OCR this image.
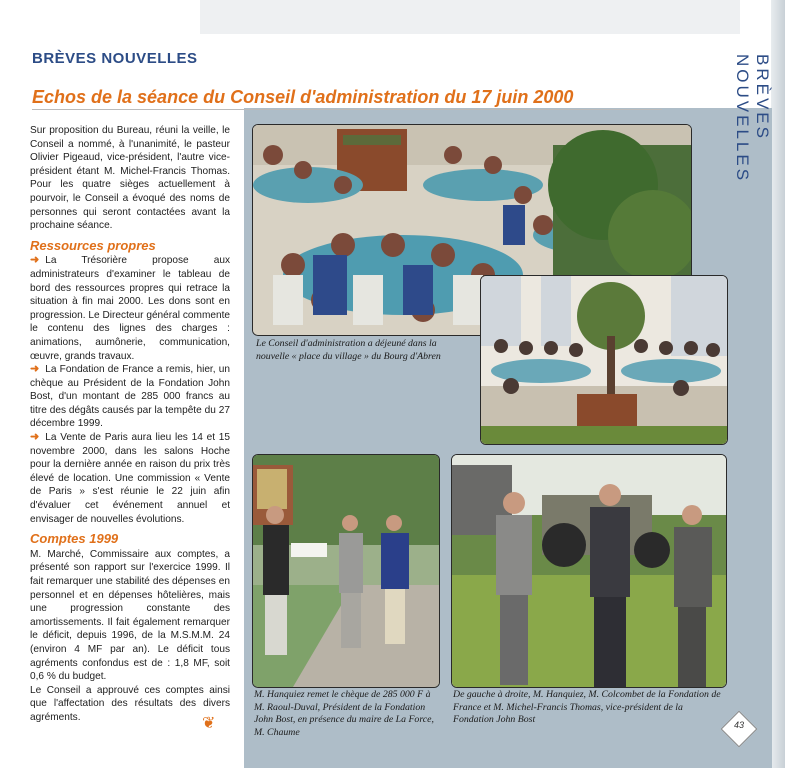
BRÈVES NOUVELLES
Echos de la séance du Conseil d'administration du 17 juin 2000	BRÈVES NOUVELLES

Sur proposition du Bureau, réuni la veille, le Conseil a nommé, à l'unanimité, le pasteur Olivier Pigeaud, vice-président, l'autre vice-président étant M. Michel-Francis Thomas. Pour les quatre sièges actuellement à pourvoir, le Conseil a évoqué des noms de personnes qui seront contactées avant la prochaine séance.

Ressources propres

➜ La Trésorière propose aux administrateurs d'examiner le tableau de bord des ressources propres qui retrace la situation à fin mai 2000. Les dons sont en progression. Le Directeur général commente le contenu des lignes des charges : animations, aumônerie, communication, œuvre, grands travaux.

➜ La Fondation de France a remis, hier, un chèque au Président de la Fondation John Bost, d'un montant de 285 000 francs au titre des dégâts causés par la tempête du 27 décembre 1999.

➜ La Vente de Paris aura lieu les 14 et 15 novembre 2000, dans les salons Hoche pour la dernière année en raison du prix très élevé de location. Une commission « Vente de Paris » s'est réunie le 22 juin afin d'évaluer cet événement annuel et envisager de nouvelles évolutions.

Comptes 1999

M. Marché, Commissaire aux comptes, a présenté son rapport sur l'exercice 1999. Il fait remarquer une stabilité des dépenses en personnel et en dépenses hôtelières, mais une progression constante des amortissements. Il fait également remarquer le déficit, depuis 1996, de la M.S.M.M. 24 (environ 4 MF par an). Le déficit tous agréments confondus est de : 1,8 MF, soit 0,6 % du budget.

Le Conseil a approuvé ces comptes ainsi que l'affectation des résultats des divers agréments.	❦
Le Conseil d'administration a déjeuné dans la nouvelle « place du village » du Bourg d'Abren
M. Hanquiez remet le chèque de 285 000 F à M. Raoul-Duval, Président de la Fondation John Bost, en présence du maire de La Force, M. Chaume
De gauche à droite, M. Hanquiez, M. Colcombet de la Fondation de France et M. Michel-Francis Thomas, vice-président de la Fondation John Bost	43
